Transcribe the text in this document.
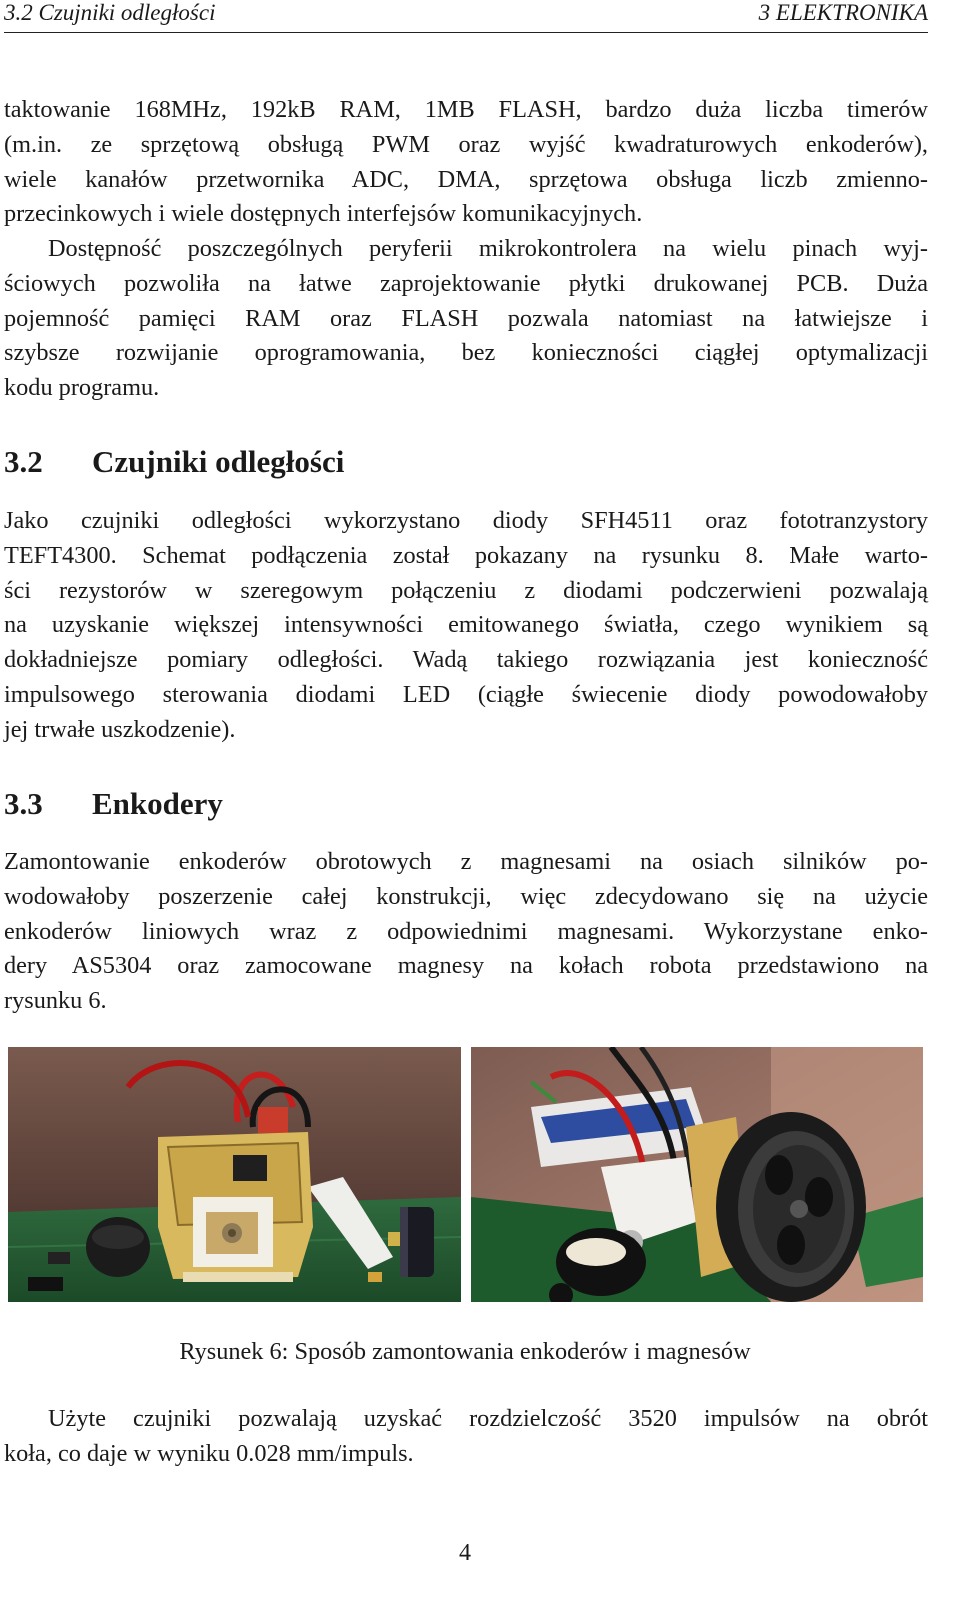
3.2 Czujniki odległości	3 ELEKTRONIKA

taktowanie 168MHz, 192kB RAM, 1MB FLASH, bardzo duża liczba timerów
(m.in. ze sprzętową obsługą PWM oraz wyjść kwadraturowych enkoderów),
wiele kanałów przetwornika ADC, DMA, sprzętowa obsługa liczb zmienno-
przecinkowych i wiele dostępnych interfejsów komunikacyjnych.

Dostępność poszczególnych peryferii mikrokontrolera na wielu pinach wyj-
ściowych pozwoliła na łatwe zaprojektowanie płytki drukowanej PCB. Duża
pojemność pamięci RAM oraz FLASH pozwala natomiast na łatwiejsze i
szybsze rozwijanie oprogramowania, bez konieczności ciągłej optymalizacji
kodu programu.

3.2 Czujniki odległości

Jako czujniki odległości wykorzystano diody SFH4511 oraz fototranzystory
TEFT4300. Schemat podłączenia został pokazany na rysunku 8. Małe warto-
ści rezystorów w szeregowym połączeniu z diodami podczerwieni pozwalają
na uzyskanie większej intensywności emitowanego światła, czego wynikiem są
dokładniejsze pomiary odległości. Wadą takiego rozwiązania jest konieczność
impulsowego sterowania diodami LED (ciągłe świecenie diody powodowałoby
jej trwałe uszkodzenie).

3.3 Enkodery

Zamontowanie enkoderów obrotowych z magnesami na osiach silników po-
wodowałoby poszerzenie całej konstrukcji, więc zdecydowano się na użycie
enkoderów liniowych wraz z odpowiednimi magnesami. Wykorzystane enko-
dery AS5304 oraz zamocowane magnesy na kołach robota przedstawiono na
rysunku 6.

Rysunek 6: Sposób zamontowania enkoderów i magnesów

Użyte czujniki pozwalają uzyskać rozdzielczość 3520 impulsów na obrót
koła, co daje w wyniku 0.028 mm/impuls.

4
